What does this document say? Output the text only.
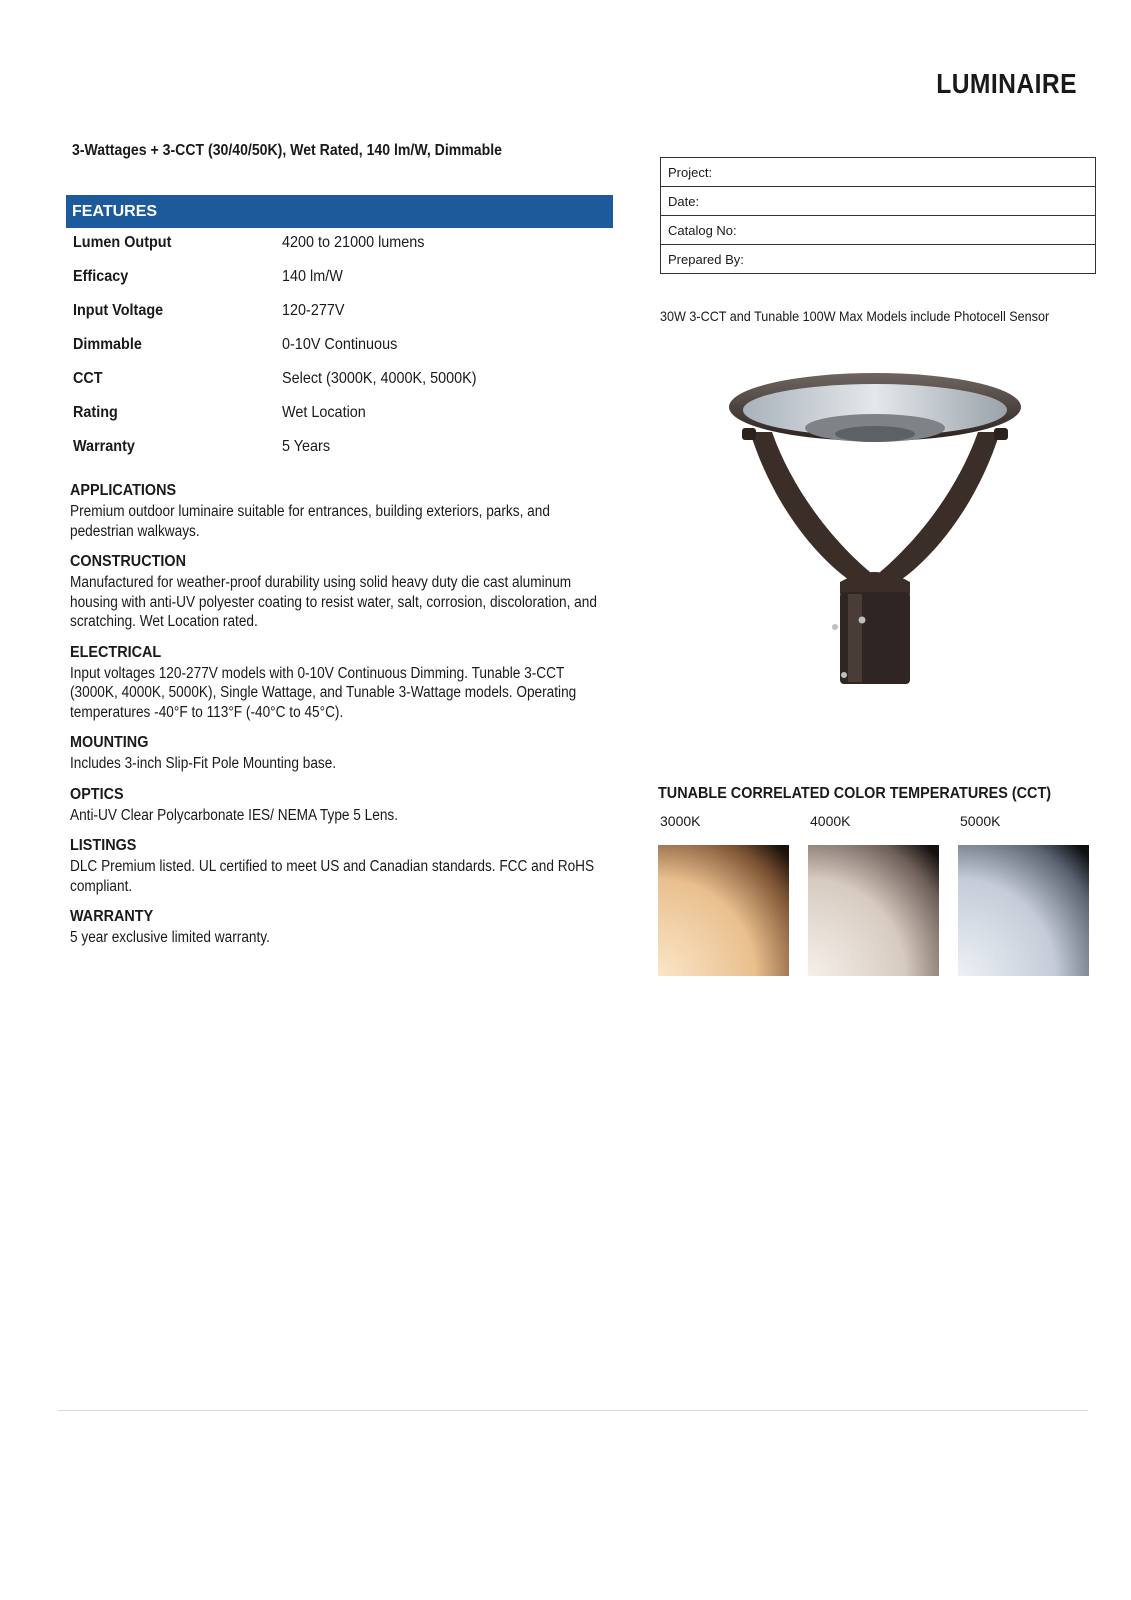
LUMINAIRE
3-Wattages + 3-CCT (30/40/50K), Wet Rated, 140 lm/W, Dimmable
FEATURES
Lumen Output	4200 to 21000 lumens
Efficacy	140 lm/W
Input Voltage	120-277V
Dimmable	0-10V Continuous
CCT	Select (3000K, 4000K, 5000K)
Rating	Wet Location
Warranty	5 Years
APPLICATIONS

Premium outdoor luminaire suitable for entrances, building exteriors, parks, and pedestrian walkways.

CONSTRUCTION

Manufactured for weather-proof durability using solid heavy duty die cast aluminum housing with anti-UV polyester coating to resist water, salt, corrosion, discoloration, and scratching. Wet Location rated.

ELECTRICAL

Input voltages 120-277V models with 0-10V Continuous Dimming. Tunable 3-CCT (3000K, 4000K, 5000K), Single Wattage, and Tunable 3-Wattage models. Operating temperatures -40°F to 113°F (-40°C to 45°C).

MOUNTING

Includes 3-inch Slip-Fit Pole Mounting base.

OPTICS

Anti-UV Clear Polycarbonate IES/ NEMA Type 5 Lens.

LISTINGS

DLC Premium listed. UL certified to meet US and Canadian standards. FCC and RoHS compliant.

WARRANTY

5 year exclusive limited warranty.

Project:
Date:
Catalog No:
Prepared By:
30W 3-CCT and Tunable 100W Max Models include Photocell Sensor
TUNABLE CORRELATED COLOR TEMPERATURES (CCT)
3000K	4000K	5000K
